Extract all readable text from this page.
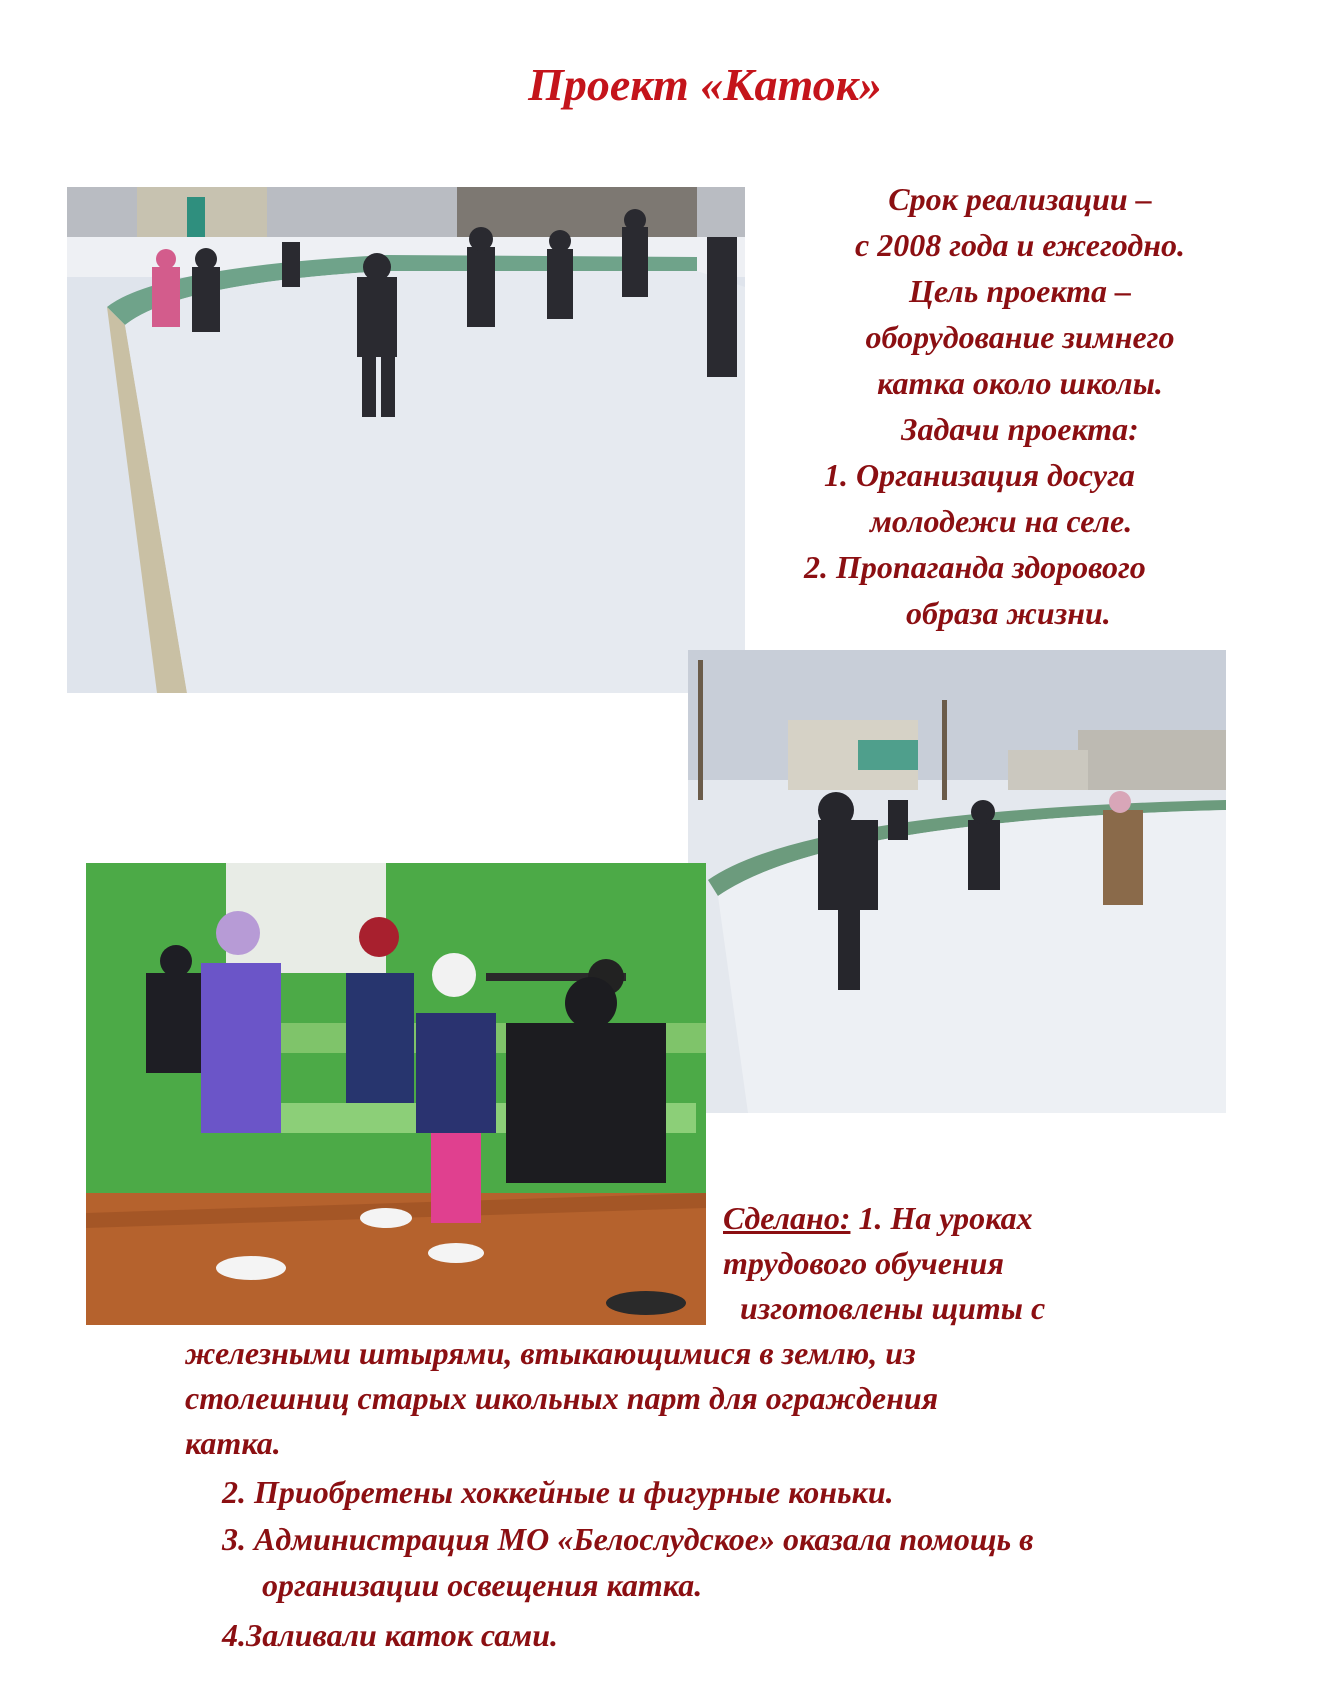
Проект «Каток»
Срок реализации –
с 2008 года и ежегодно.
Цель проекта –
оборудование зимнего
катка около школы.
Задачи проекта:
1. Организация досуга
молодежи на селе.
2. Пропаганда здорового
образа жизни.
Сделано: 1. На уроках
трудового обучения
изготовлены щиты с
железными штырями, втыкающимися в землю, из
столешниц старых школьных парт для ограждения
катка.
2. Приобретены хоккейные и фигурные коньки.
3. Администрация МО «Белослудское» оказала помощь в
организации освещения катка.
4.Заливали каток сами.
